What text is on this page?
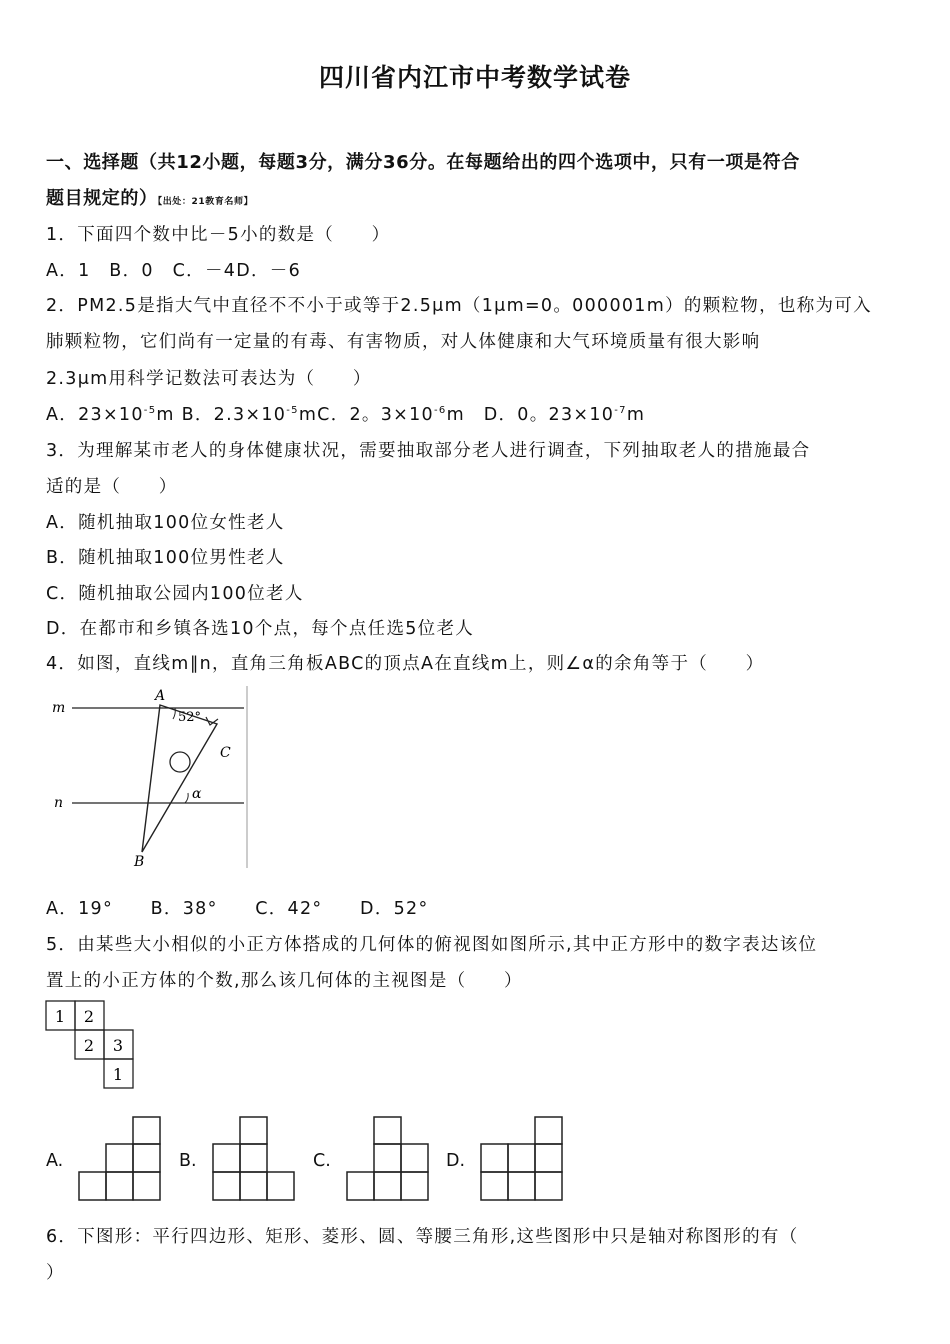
四川省内江市中考数学试卷
一、选择题（共12小题，每题3分，满分36分。在每题给出的四个选项中，只有一项是符合
题目规定的）【出处：21教育名师】
1．下面四个数中比－5小的数是（　　）
A．1　B．0　C．－4D．－6
2．PM2.5是指大气中直径不不小于或等于2.5μm（1μm=0。000001m）的颗粒物，也称为可入
肺颗粒物，它们尚有一定量的有毒、有害物质，对人体健康和大气环境质量有很大影响
2.3μm用科学记数法可表达为（　　）
A．$23\times 10^{-5}m$ B．$2.3\times 10^{-5}mC$．2。$3\times 10^{-6}m$　D．0。$23\times 10^{-7}m$
3．为理解某市老人的身体健康状况，需要抽取部分老人进行调查，下列抽取老人的措施最合
适的是（　　）
A．随机抽取100位女性老人
B．随机抽取100位男性老人
C．随机抽取公园内100位老人
D．在都市和乡镇各选10个点，每个点任选5位老人
4．如图，直线m∥n，直角三角板ABC的顶点A在直线m上，则∠α的余角等于（　　）
m
n
A
B
C
52°
α
A．19°　　B．38°　　C．42°　　D．52°
5．由某些大小相似的小正方体搭成的几何体的俯视图如图所示,其中正方形中的数字表达该位
置上的小正方体的个数,那么该几何体的主视图是（　　）
1 2
2 3
1
A.	B.	C.	D.
6．下图形：平行四边形、矩形、菱形、圆、等腰三角形,这些图形中只是轴对称图形的有（
）
